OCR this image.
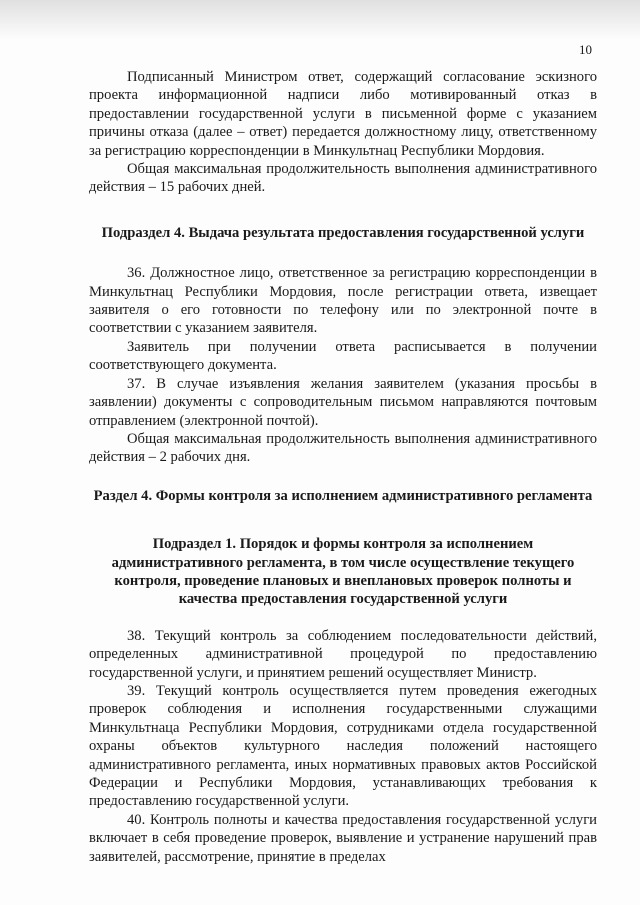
10

Подписанный Министром ответ, содержащий согласование эскизного проекта информационной надписи либо мотивированный отказ в предоставлении государственной услуги в письменной форме с указанием причины отказа (далее – ответ) передается должностному лицу, ответственному за регистрацию корреспонденции в Минкультнац Республики Мордовия.

Общая максимальная продолжительность выполнения административного действия – 15 рабочих дней.

Подраздел 4. Выдача результата предоставления государственной услуги

36. Должностное лицо, ответственное за регистрацию корреспонденции в Минкультнац Республики Мордовия, после регистрации ответа, извещает заявителя о его готовности по телефону или по электронной почте в соответствии с указанием заявителя.

Заявитель при получении ответа расписывается в получении соответствующего документа.

37. В случае изъявления желания заявителем (указания просьбы в заявлении) документы с сопроводительным письмом направляются почтовым отправлением (электронной почтой).

Общая максимальная продолжительность выполнения административного действия – 2 рабочих дня.

Раздел 4. Формы контроля за исполнением административного регламента

Подраздел 1. Порядок и формы контроля за исполнением административного регламента, в том числе осуществление текущего контроля, проведение плановых и внеплановых проверок полноты и качества предоставления государственной услуги

38. Текущий контроль за соблюдением последовательности действий, определенных административной процедурой по предоставлению государственной услуги, и принятием решений осуществляет Министр.

39. Текущий контроль осуществляется путем проведения ежегодных проверок соблюдения и исполнения государственными служащими Минкультнаца Республики Мордовия, сотрудниками отдела государственной охраны объектов культурного наследия положений настоящего административного регламента, иных нормативных правовых актов Российской Федерации и Республики Мордовия, устанавливающих требования к предоставлению государственной услуги.

40. Контроль полноты и качества предоставления государственной услуги включает в себя проведение проверок, выявление и устранение нарушений прав заявителей, рассмотрение, принятие в пределах
